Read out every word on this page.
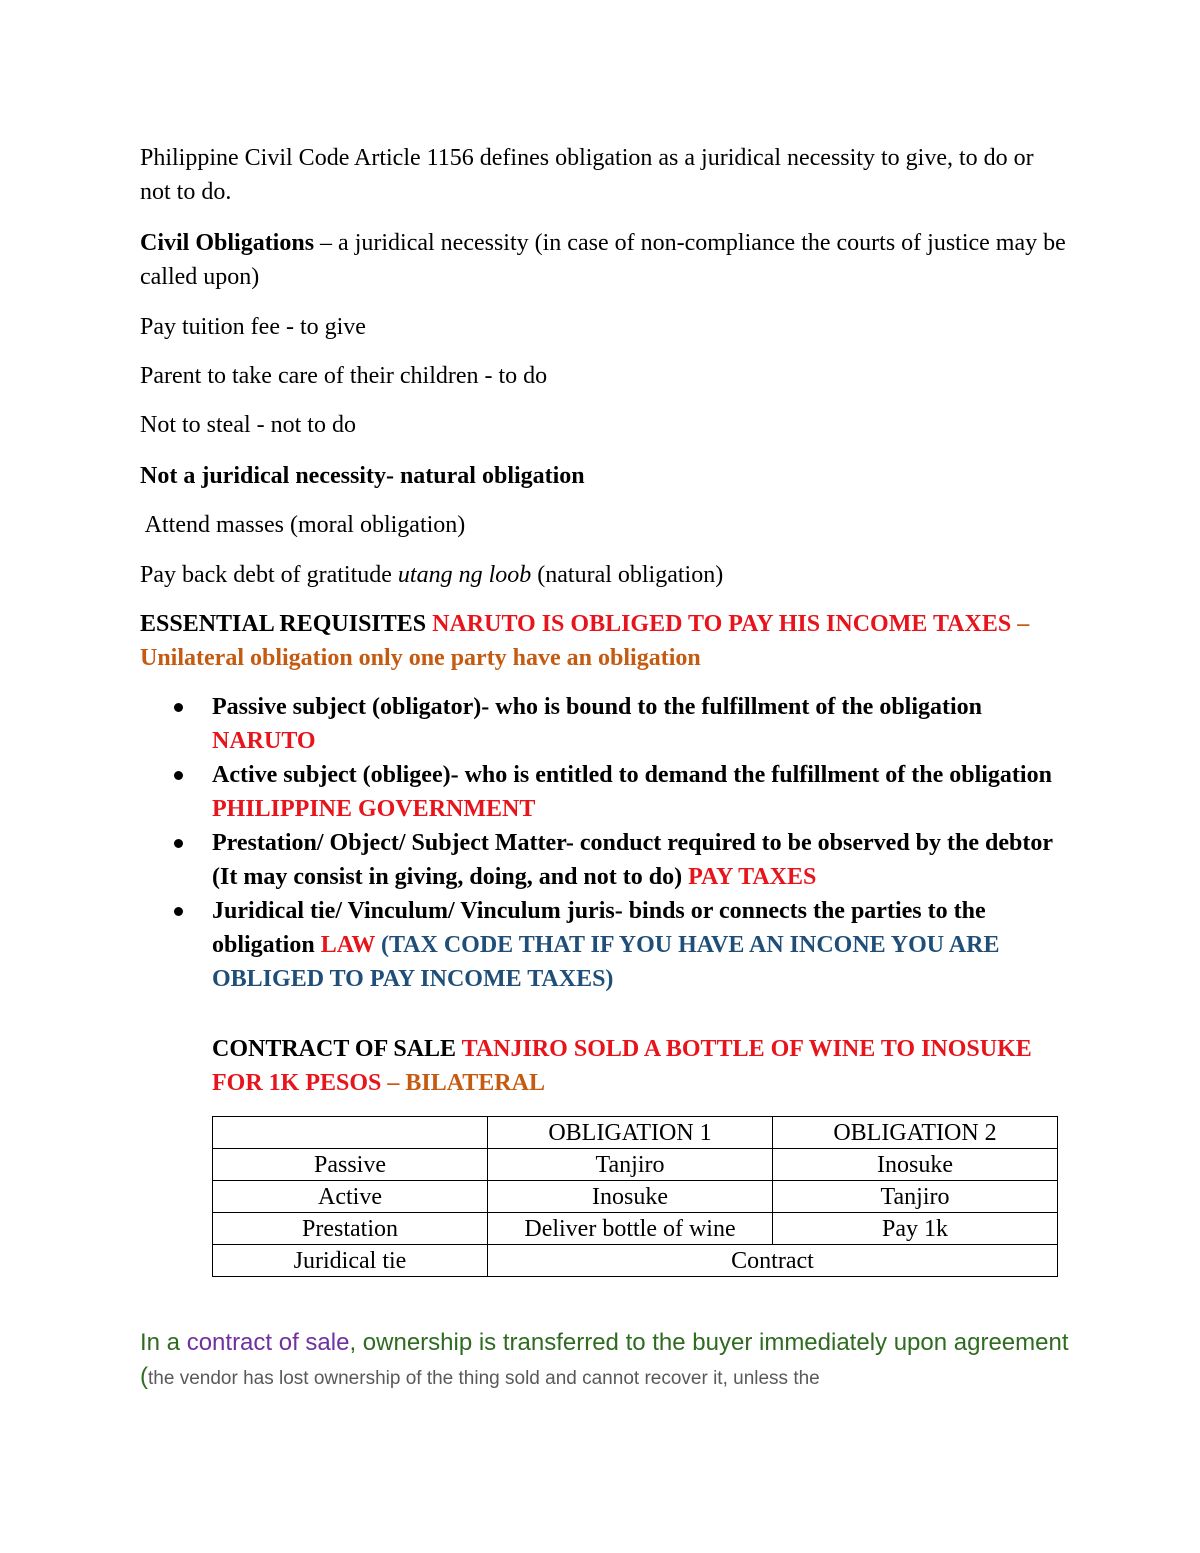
Philippine Civil Code Article 1156 defines obligation as a juridical necessity to give, to do or not to do.

Civil Obligations – a juridical necessity (in case of non-compliance the courts of justice may be called upon)

Pay tuition fee - to give

Parent to take care of their children - to do

Not to steal - not to do

Not a juridical necessity- natural obligation

Attend masses (moral obligation)

Pay back debt of gratitude utang ng loob (natural obligation)

ESSENTIAL REQUISITES NARUTO IS OBLIGED TO PAY HIS INCOME TAXES – Unilateral obligation only one party have an obligation

Passive subject (obligator)- who is bound to the fulfillment of the obligation NARUTO
Active subject (obligee)- who is entitled to demand the fulfillment of the obligation PHILIPPINE GOVERNMENT
Prestation/ Object/ Subject Matter- conduct required to be observed by the debtor (It may consist in giving, doing, and not to do) PAY TAXES
Juridical tie/ Vinculum/ Vinculum juris- binds or connects the parties to the obligation LAW (TAX CODE THAT IF YOU HAVE AN INCONE YOU ARE OBLIGED TO PAY INCOME TAXES)

CONTRACT OF SALE TANJIRO SOLD A BOTTLE OF WINE TO INOSUKE FOR 1K PESOS – BILATERAL

	OBLIGATION 1	OBLIGATION 2
Passive	Tanjiro	Inosuke
Active	Inosuke	Tanjiro
Prestation	Deliver bottle of wine	Pay 1k
Juridical tie	Contract	

In a contract of sale, ownership is transferred to the buyer immediately upon agreement (the vendor has lost ownership of the thing sold and cannot recover it, unless the
